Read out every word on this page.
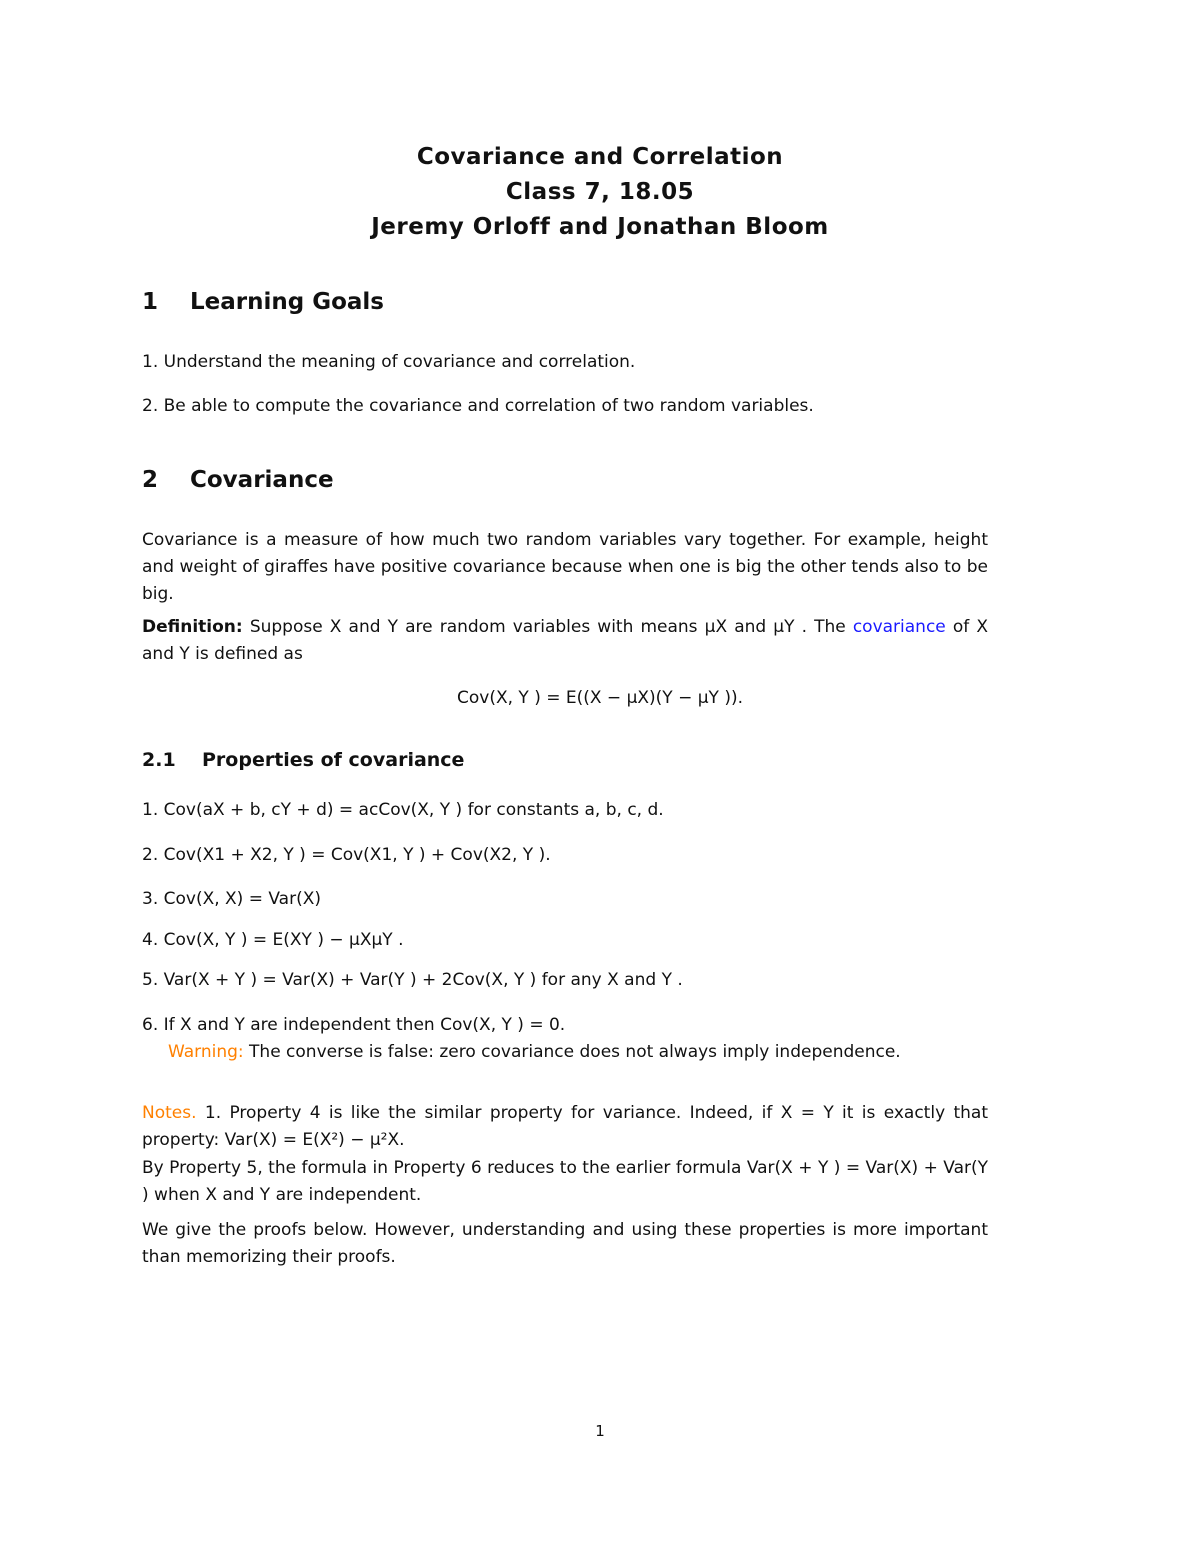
Covariance and Correlation
Class 7, 18.05
Jeremy Orloff and Jonathan Bloom
1 Learning Goals
1. Understand the meaning of covariance and correlation.
2. Be able to compute the covariance and correlation of two random variables.
2 Covariance
Covariance is a measure of how much two random variables vary together. For example, height and weight of giraffes have positive covariance because when one is big the other tends also to be big.
Definition: Suppose X and Y are random variables with means μX and μY . The covariance of X and Y is defined as
Cov(X, Y ) = E((X − μX)(Y − μY )).
2.1 Properties of covariance
1. Cov(aX + b, cY + d) = acCov(X, Y ) for constants a, b, c, d.
2. Cov(X1 + X2, Y ) = Cov(X1, Y ) + Cov(X2, Y ).
3. Cov(X, X) = Var(X)
4. Cov(X, Y ) = E(XY ) − μXμY .
5. Var(X + Y ) = Var(X) + Var(Y ) + 2Cov(X, Y ) for any X and Y .
6. If X and Y are independent then Cov(X, Y ) = 0.
Warning: The converse is false: zero covariance does not always imply independence.
Notes. 1. Property 4 is like the similar property for variance. Indeed, if X = Y it is exactly that property: Var(X) = E(X²) − μ²X.
By Property 5, the formula in Property 6 reduces to the earlier formula Var(X + Y ) = Var(X) + Var(Y ) when X and Y are independent.
We give the proofs below. However, understanding and using these properties is more important than memorizing their proofs.
1
